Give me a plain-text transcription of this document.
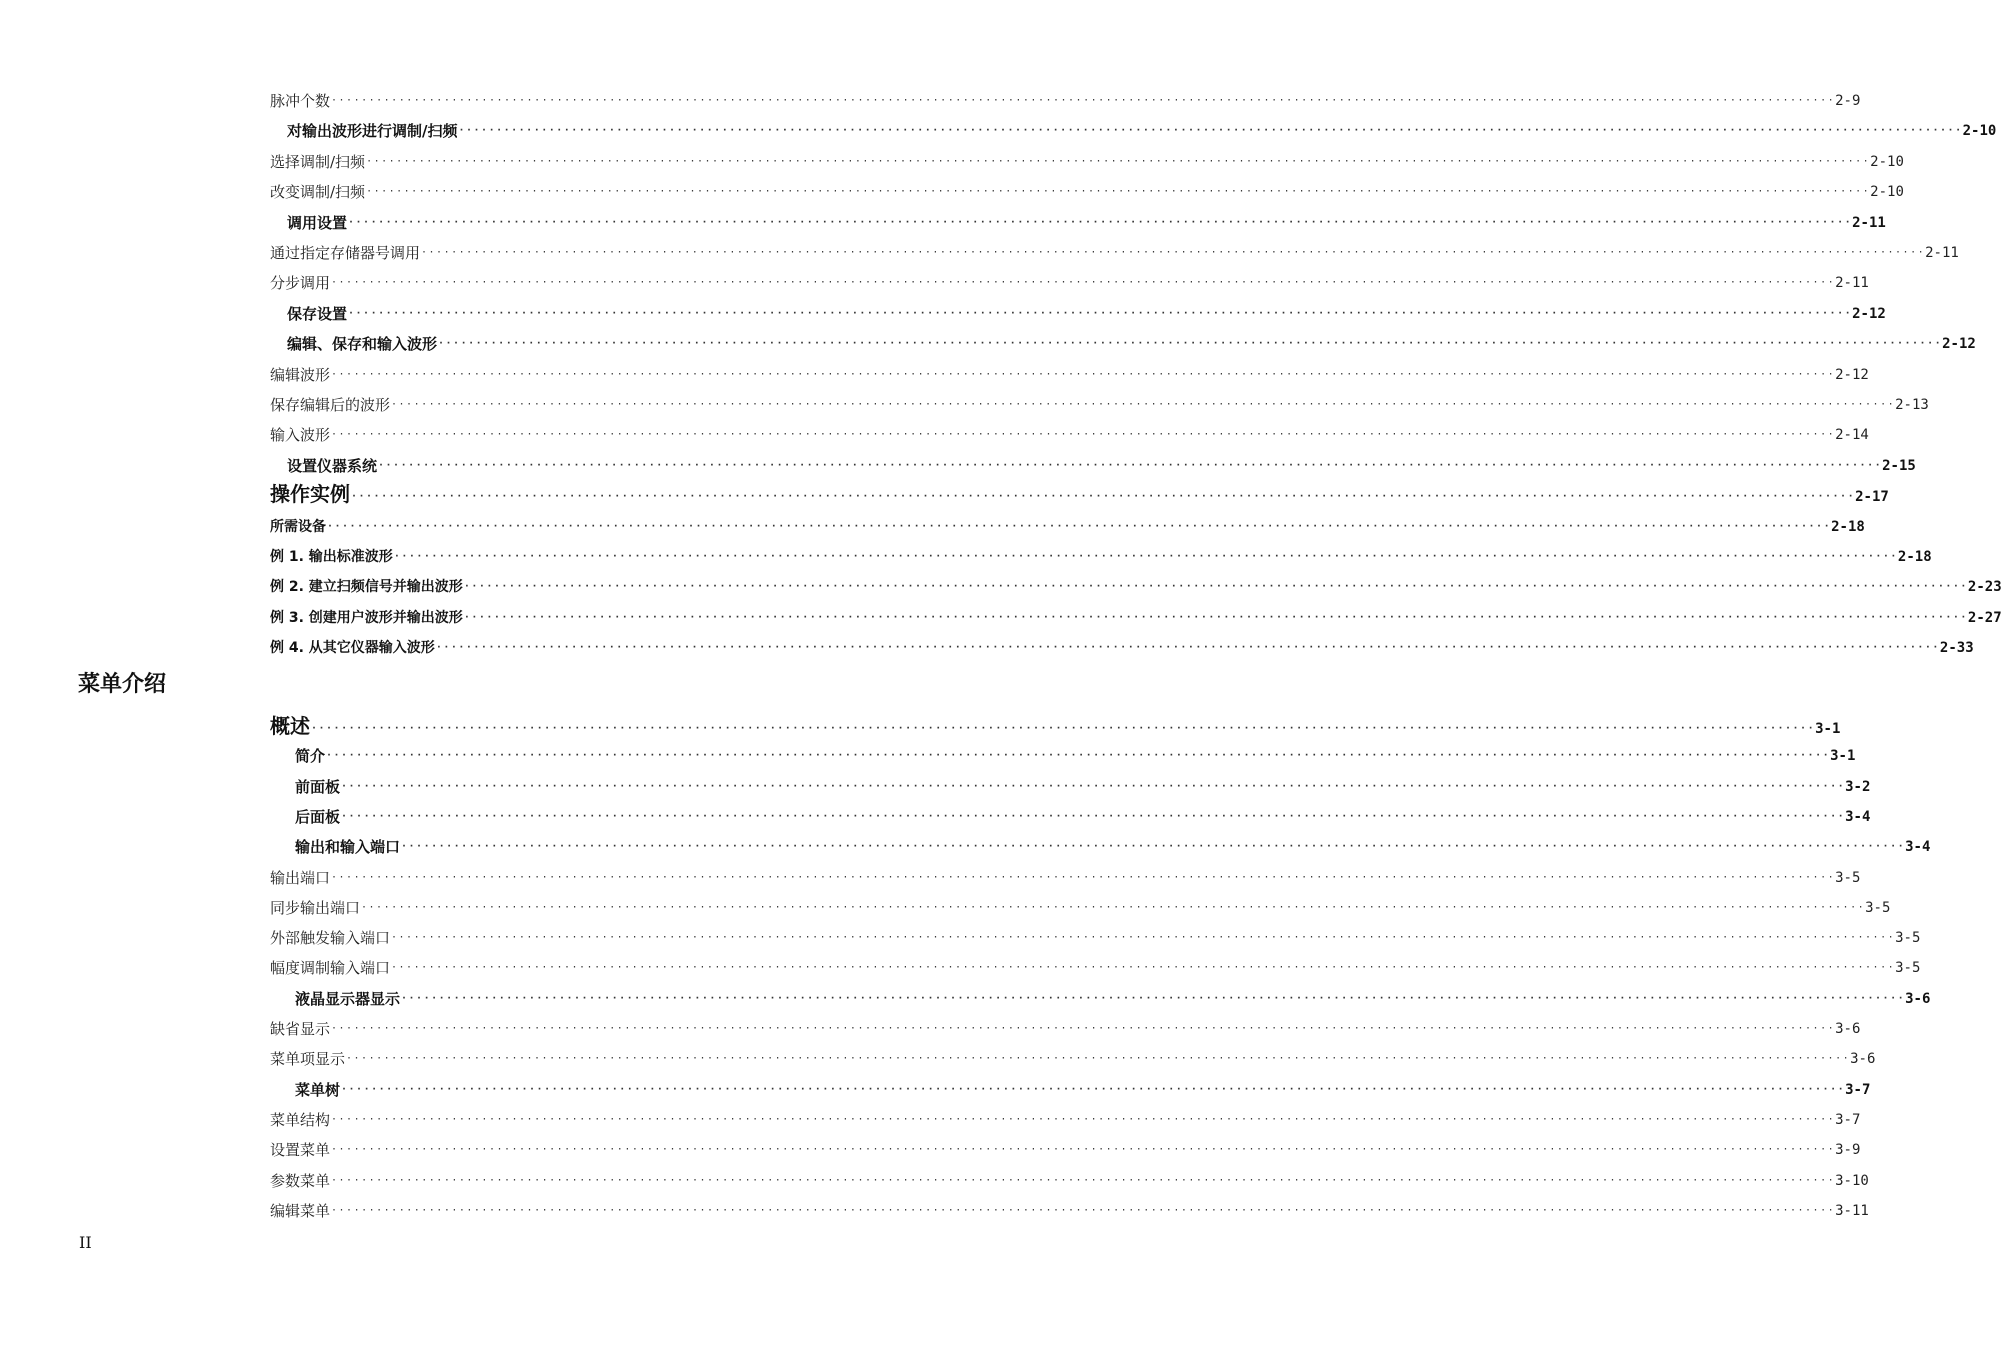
菜单介绍
II
脉冲个数 ········································································································································································································ 2-9
对输出波形进行调制/扫频 ········································································································································································································ 2-10
选择调制/扫频 ········································································································································································································ 2-10
改变调制/扫频 ········································································································································································································ 2-10
调用设置 ········································································································································································································ 2-11
通过指定存储器号调用 ········································································································································································································ 2-11
分步调用 ········································································································································································································ 2-11
保存设置 ········································································································································································································ 2-12
编辑、保存和输入波形 ········································································································································································································ 2-12
编辑波形 ········································································································································································································ 2-12
保存编辑后的波形 ········································································································································································································ 2-13
输入波形 ········································································································································································································ 2-14
设置仪器系统 ········································································································································································································ 2-15
操作实例 ········································································································································································································ 2-17
所需设备 ········································································································································································································ 2-18
例 1. 输出标准波形 ········································································································································································································ 2-18
例 2. 建立扫频信号并输出波形 ········································································································································································································ 2-23
例 3. 创建用户波形并输出波形 ········································································································································································································ 2-27
例 4. 从其它仪器输入波形 ········································································································································································································ 2-33
概述 ········································································································································································································ 3-1
简介 ········································································································································································································ 3-1
前面板 ········································································································································································································ 3-2
后面板 ········································································································································································································ 3-4
输出和输入端口 ········································································································································································································ 3-4
输出端口 ········································································································································································································ 3-5
同步输出端口 ········································································································································································································ 3-5
外部触发输入端口 ········································································································································································································ 3-5
幅度调制输入端口 ········································································································································································································ 3-5
液晶显示器显示 ········································································································································································································ 3-6
缺省显示 ········································································································································································································ 3-6
菜单项显示 ········································································································································································································ 3-6
菜单树 ········································································································································································································ 3-7
菜单结构 ········································································································································································································ 3-7
设置菜单 ········································································································································································································ 3-9
参数菜单 ········································································································································································································ 3-10
编辑菜单 ········································································································································································································ 3-11
